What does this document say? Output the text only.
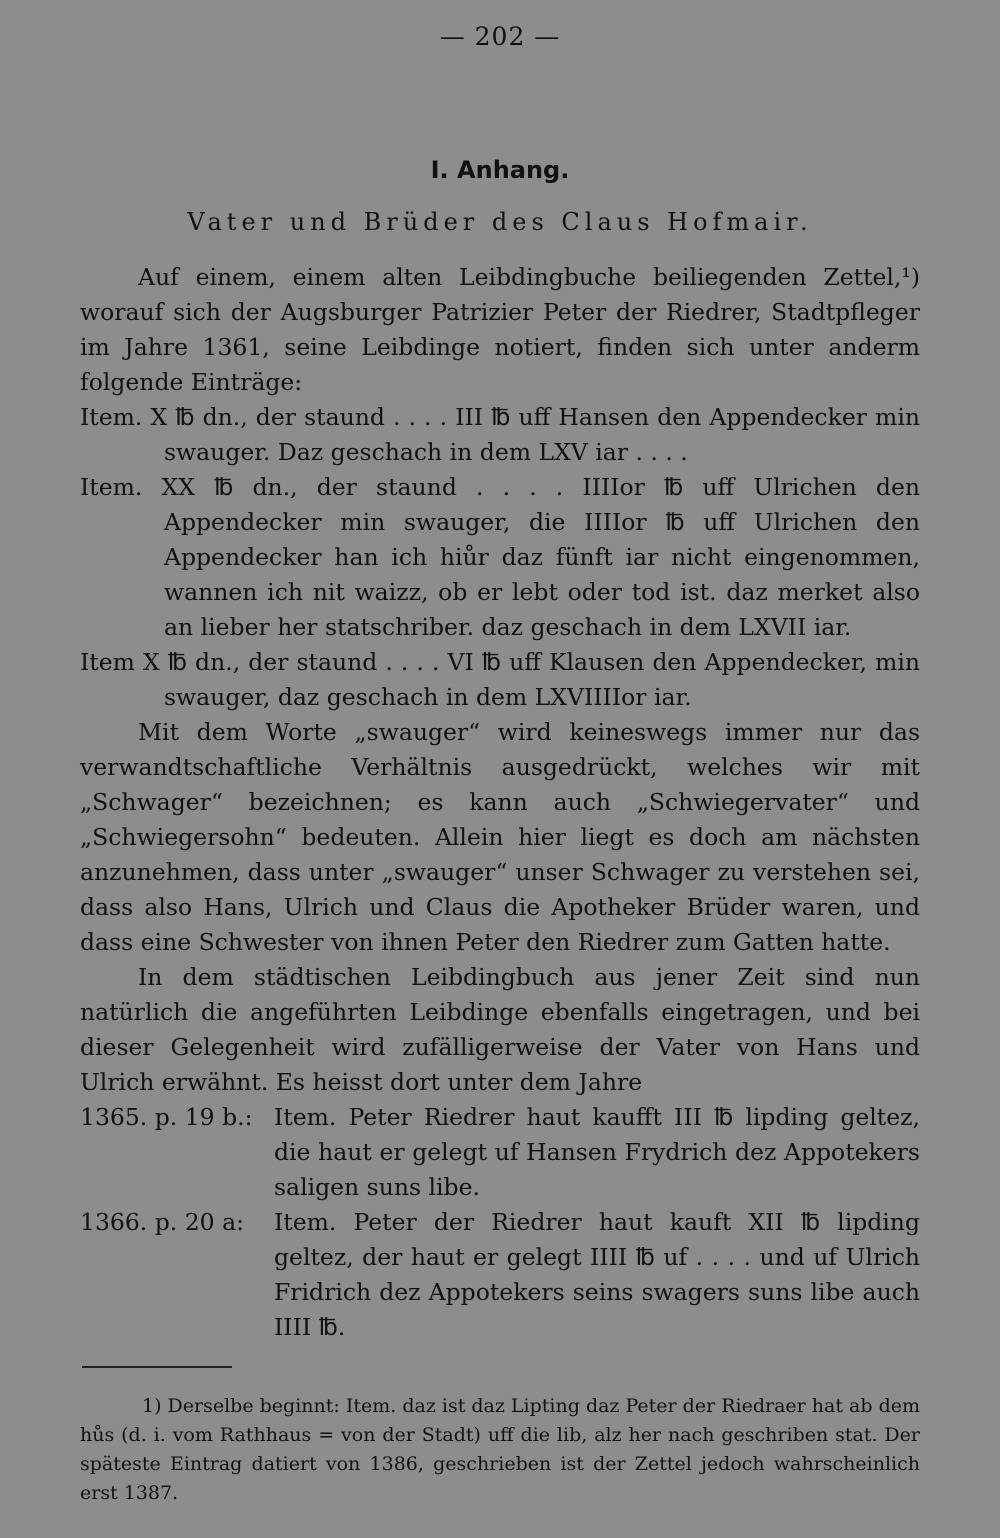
— 202 —
I. Anhang.
Vater und Brüder des Claus Hofmair.

Auf einem, einem alten Leibdingbuche beiliegenden Zettel,¹) worauf sich der Augsburger Patrizier Peter der Riedrer, Stadtpfleger im Jahre 1361, seine Leibdinge notiert, finden sich unter anderm folgende Einträge:

Item. X ℔ dn., der staund . . . . III ℔ uff Hansen den Appendecker min swauger. Daz geschach in dem LXV iar . . . .

Item. XX ℔ dn., der staund . . . . IIIIor ℔ uff Ulrichen den Appendecker min swauger, die IIIIor ℔ uff Ulrichen den Appendecker han ich hiůr daz fünft iar nicht eingenommen, wannen ich nit waizz, ob er lebt oder tod ist. daz merket also an lieber her statschriber. daz geschach in dem LXVII iar.

Item X ℔ dn., der staund . . . . VI ℔ uff Klausen den Appendecker, min swauger, daz geschach in dem LXVIIIIor iar.

Mit dem Worte „swauger“ wird keineswegs immer nur das verwandtschaftliche Verhältnis ausgedrückt, welches wir mit „Schwager“ bezeichnen; es kann auch „Schwiegervater“ und „Schwiegersohn“ bedeuten. Allein hier liegt es doch am nächsten anzunehmen, dass unter „swauger“ unser Schwager zu verstehen sei, dass also Hans, Ulrich und Claus die Apotheker Brüder waren, und dass eine Schwester von ihnen Peter den Riedrer zum Gatten hatte.

In dem städtischen Leibdingbuch aus jener Zeit sind nun natürlich die angeführten Leibdinge ebenfalls eingetragen, und bei dieser Gelegenheit wird zufälligerweise der Vater von Hans und Ulrich erwähnt. Es heisst dort unter dem Jahre

1365. p. 19 b.: Item. Peter Riedrer haut kaufft III ℔ lipding geltez, die haut er gelegt uf Hansen Frydrich dez Appotekers saligen suns libe.
1366. p. 20 a:	Item. Peter der Riedrer haut kauft XII ℔ lipding geltez, der haut er gelegt IIII ℔ uf . . . . und uf Ulrich Fridrich dez Appotekers seins swagers suns libe auch IIII ℔.

1) Derselbe beginnt: Item. daz ist daz Lipting daz Peter der Riedraer hat ab dem hůs (d. i. vom Rathhaus = von der Stadt) uff die lib, alz her nach geschriben stat. Der späteste Eintrag datiert von 1386, geschrieben ist der Zettel jedoch wahrscheinlich erst 1387.
